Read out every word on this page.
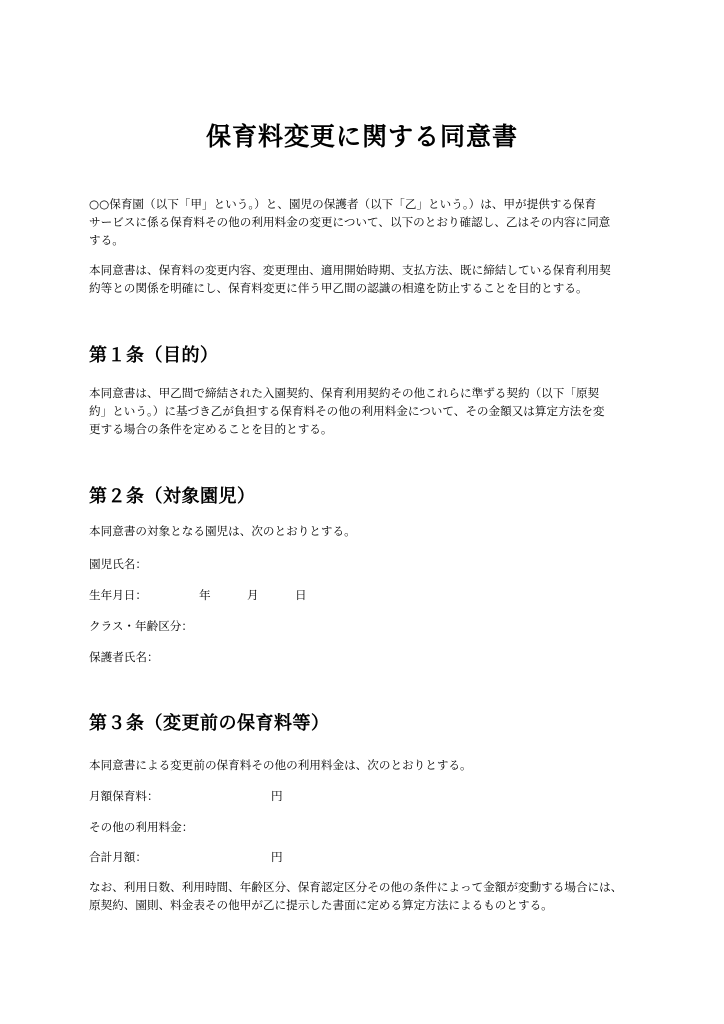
保育料変更に関する同意書
○○保育園（以下「甲」という。）と、園児の保護者（以下「乙」という。）は、甲が提供する保育
サービスに係る保育料その他の利用料金の変更について、以下のとおり確認し、乙はその内容に同意
する。
本同意書は、保育料の変更内容、変更理由、適用開始時期、支払方法、既に締結している保育利用契
約等との関係を明確にし、保育料変更に伴う甲乙間の認識の相違を防止することを目的とする。
第１条（目的）
本同意書は、甲乙間で締結された入園契約、保育利用契約その他これらに準ずる契約（以下「原契
約」という。）に基づき乙が負担する保育料その他の利用料金について、その金額又は算定方法を変
更する場合の条件を定めることを目的とする。
第２条（対象園児）
本同意書の対象となる園児は、次のとおりとする。
園児氏名：
生年月日：	年	月	日
クラス・年齢区分：
保護者氏名：
第３条（変更前の保育料等）
本同意書による変更前の保育料その他の利用料金は、次のとおりとする。
月額保育料：	円
その他の利用料金：
合計月額：	円
なお、利用日数、利用時間、年齢区分、保育認定区分その他の条件によって金額が変動する場合には、
原契約、園則、料金表その他甲が乙に提示した書面に定める算定方法によるものとする。
